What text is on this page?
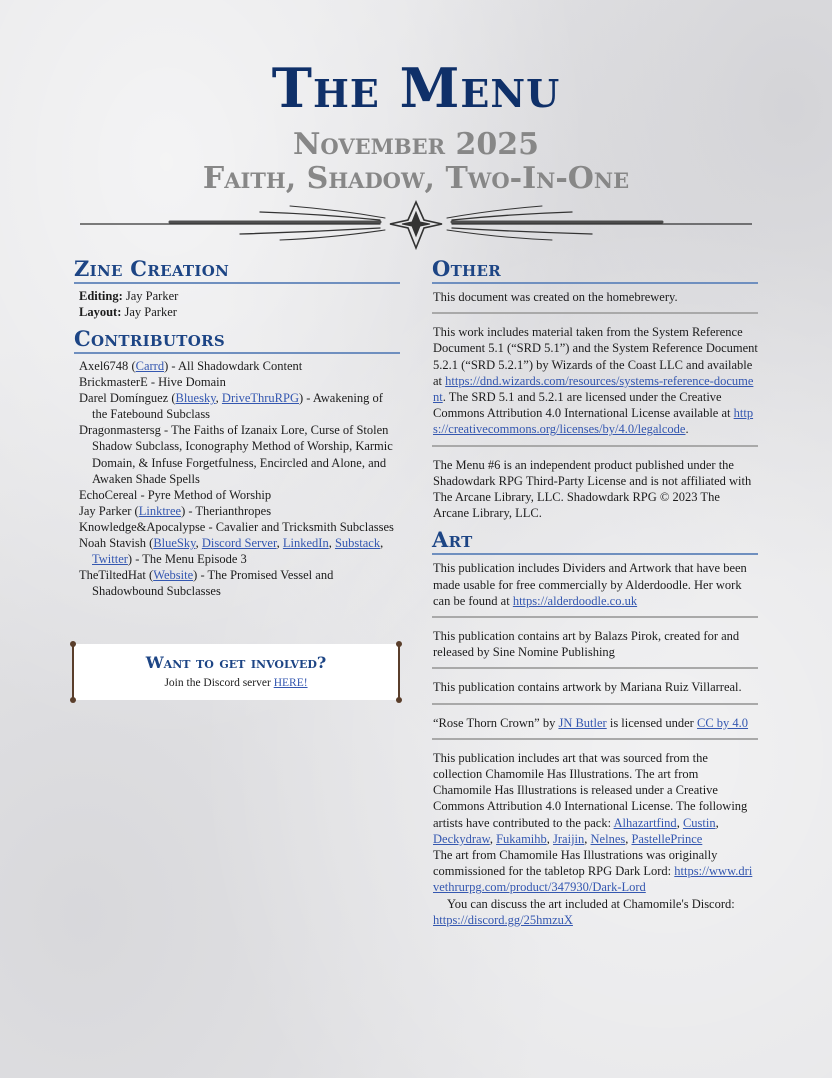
The Menu
November 2025
Faith, Shadow, Two-In-One
Zine Creation
Editing: Jay Parker
Layout: Jay Parker
Contributors
Axel6748 (Carrd) - All Shadowdark Content
BrickmasterE - Hive Domain
Darel Domínguez (Bluesky, DriveThruRPG) - Awakening of the Fatebound Subclass
Dragonmastersg - The Faiths of Izanaix Lore, Curse of Stolen Shadow Subclass, Iconography Method of Worship, Karmic Domain, & Infuse Forgetfulness, Encircled and Alone, and Awaken Shade Spells
EchoCereal - Pyre Method of Worship
Jay Parker (Linktree) - Therianthropes
Knowledge&Apocalypse - Cavalier and Tricksmith Subclasses
Noah Stavish (BlueSky, Discord Server, LinkedIn, Substack, Twitter) - The Menu Episode 3
TheTiltedHat (Website) - The Promised Vessel and Shadowbound Subclasses
Want to get involved?
Join the Discord server HERE!
Other
This document was created on the homebrewery.
This work includes material taken from the System Reference Document 5.1 (“SRD 5.1”) and the System Reference Document 5.2.1 (“SRD 5.2.1”) by Wizards of the Coast LLC and available at https://dnd.wizards.com/resources/systems-reference-document. The SRD 5.1 and 5.2.1 are licensed under the Creative Commons Attribution 4.0 International License available at https://creativecommons.org/licenses/by/4.0/legalcode.
The Menu #6 is an independent product published under the Shadowdark RPG Third-Party License and is not affiliated with The Arcane Library, LLC. Shadowdark RPG © 2023 The Arcane Library, LLC.
Art
This publication includes Dividers and Artwork that have been made usable for free commercially by Alderdoodle. Her work can be found at https://alderdoodle.co.uk
This publication contains art by Balazs Pirok, created for and released by Sine Nomine Publishing
This publication contains artwork by Mariana Ruiz Villarreal.
“Rose Thorn Crown” by JN Butler is licensed under CC by 4.0
This publication includes art that was sourced from the collection Chamomile Has Illustrations. The art from Chamomile Has Illustrations is released under a Creative Commons Attribution 4.0 International License. The following artists have contributed to the pack: Alhazartfind, Custin, Deckydraw, Fukamihb, Jraijin, Nelnes, PastellePrince
The art from Chamomile Has Illustrations was originally commissioned for the tabletop RPG Dark Lord: https://www.drivethrurpg.com/product/347930/Dark-Lord
You can discuss the art included at Chamomile's Discord: https://discord.gg/25hmzuX
